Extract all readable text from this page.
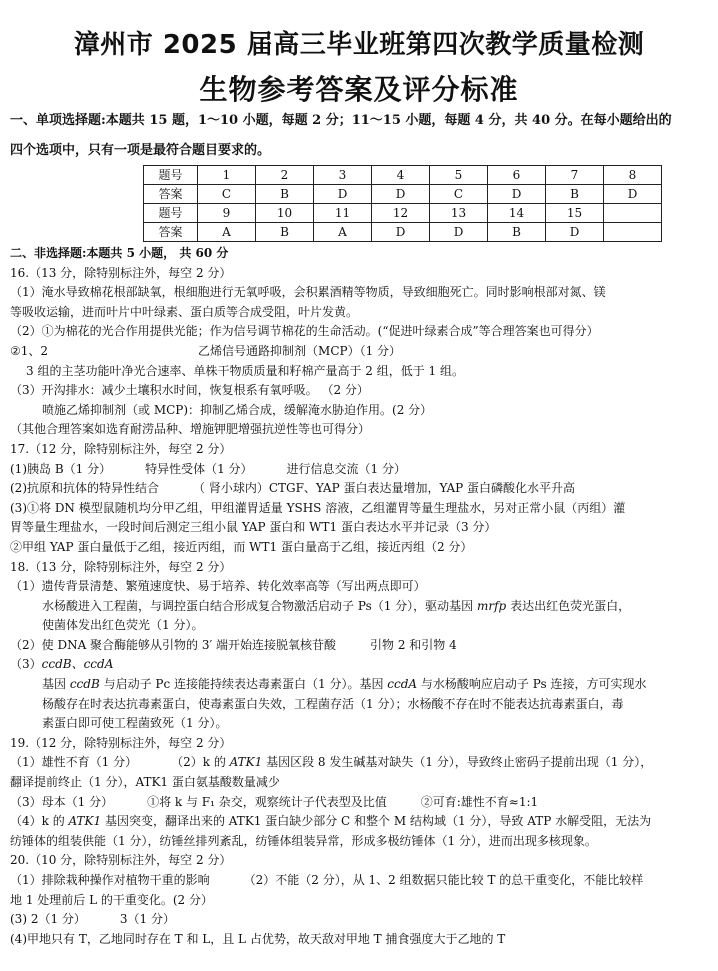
漳州市 2025 届高三毕业班第四次教学质量检测
生物参考答案及评分标准
一、单项选择题:本题共 15 题，1～10 小题，每题 2 分；11～15 小题，每题 4 分，共 40 分。在每小题给出的
四个选项中，只有一项是最符合题目要求的。
题号	1	2	3	4	5	6	7	8
答案	C	B	D	D	C	D	B	D
题号	9	10	11	12	13	14	15	
答案	A	B	A	D	D	B	D	
二、非选择题:本题共 5 小题， 共 60 分
16.（13 分，除特别标注外，每空 2 分）
（1）淹水导致棉花根部缺氧，根细胞进行无氧呼吸，会积累酒精等物质，导致细胞死亡。同时影响根部对氮、镁
等吸收运输，进而叶片中叶绿素、蛋白质等合成受阻，叶片发黄。
（2）①为棉花的光合作用提供光能；作为信号调节棉花的生命活动。(“促进叶绿素合成”等合理答案也可得分）
②1、2	乙烯信号通路抑制剂（MCP）（1 分）
3 组的主茎功能叶净光合速率、单株干物质质量和籽棉产量高于 2 组，低于 1 组。
（3）开沟排水：减少土壤积水时间，恢复根系有氧呼吸。 （2 分）
喷施乙烯抑制剂（或 MCP)：抑制乙烯合成，缓解淹水胁迫作用。(2 分）
（其他合理答案如选育耐涝品种、增施钾肥增强抗逆性等也可得分）
17.（12 分，除特别标注外，每空 2 分）
(1)胰岛 B（1 分）	特异性受体（1 分）	进行信息交流（1 分）
(2)抗原和抗体的特异性结合	（ 肾小球内）CTGF、YAP 蛋白表达量增加，YAP 蛋白磷酸化水平升高
(3)①将 DN 模型鼠随机均分甲乙组，甲组灌胃适量 YSHS 溶液，乙组灌胃等量生理盐水，另对正常小鼠（丙组）灌
胃等量生理盐水，一段时间后测定三组小鼠 YAP 蛋白和 WT1 蛋白表达水平并记录（3 分）
②甲组 YAP 蛋白量低于乙组，接近丙组，而 WT1 蛋白量高于乙组，接近丙组（2 分）
18.（13 分，除特别标注外，每空 2 分）
（1）遗传背景清楚、繁殖速度快、易于培养、转化效率高等（写出两点即可）
水杨酸进入工程菌，与调控蛋白结合形成复合物激活启动子 Ps（1 分），驱动基因 mrfp 表达出红色荧光蛋白，
使菌体发出红色荧光（1 分）。
（2）使 DNA 聚合酶能够从引物的 3′ 端开始连接脱氧核苷酸	引物 2 和引物 4
（3）ccdB、ccdA
基因 ccdB 与启动子 Pc 连接能持续表达毒素蛋白（1 分）。基因 ccdA 与水杨酸响应启动子 Ps 连接，方可实现水
杨酸存在时表达抗毒素蛋白，使毒素蛋白失效，工程菌存活（1 分）；水杨酸不存在时不能表达抗毒素蛋白，毒
素蛋白即可使工程菌致死（1 分）。
19.（12 分，除特别标注外，每空 2 分）
（1）雄性不育（1 分）	（2）k 的 ATK1 基因区段 8 发生碱基对缺失（1 分），导致终止密码子提前出现（1 分），
翻译提前终止（1 分），ATK1 蛋白氨基酸数量减少
（3）母本（1 分）	①将 k 与 F₁ 杂交，观察统计子代表型及比值	②可育:雄性不育≈1:1
（4）k 的 ATK1 基因突变，翻译出来的 ATK1 蛋白缺少部分 C 和整个 M 结构域（1 分），导致 ATP 水解受阻，无法为
纺锤体的组装供能（1 分），纺锤丝排列紊乱，纺锤体组装异常，形成多极纺锤体（1 分），进而出现多核现象。
20.（10 分，除特别标注外，每空 2 分）
（1）排除栽种操作对植物干重的影响	（2）不能（2 分），从 1、2 组数据只能比较 T 的总干重变化，不能比较样
地 1 处理前后 L 的干重变化。(2 分）
(3) 2（1 分）	3（1 分）
(4)甲地只有 T，乙地同时存在 T 和 L，且 L 占优势，故天敌对甲地 T 捕食强度大于乙地的 T
